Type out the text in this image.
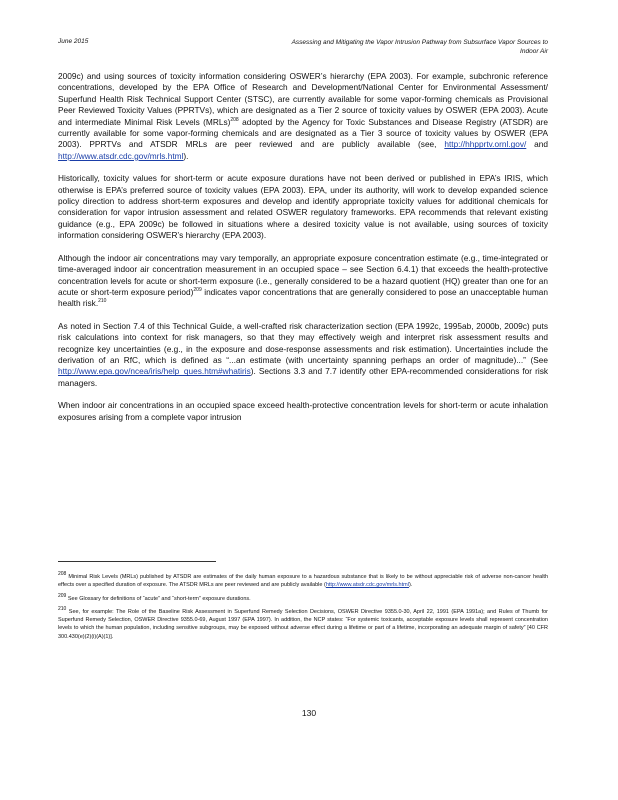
June 2015	Assessing and Mitigating the Vapor Intrusion Pathway from Subsurface Vapor Sources to Indoor Air

2009c) and using sources of toxicity information considering OSWER’s hierarchy (EPA 2003). For example, subchronic reference concentrations, developed by the EPA Office of Research and Development/National Center for Environmental Assessment/ Superfund Health Risk Technical Support Center (STSC), are currently available for some vapor-forming chemicals as Provisional Peer Reviewed Toxicity Values (PPRTVs), which are designated as a Tier 2 source of toxicity values by OSWER (EPA 2003). Acute and intermediate Minimal Risk Levels (MRLs)$^{208}$ adopted by the Agency for Toxic Substances and Disease Registry (ATSDR) are currently available for some vapor-forming chemicals and are designated as a Tier 3 source of toxicity values by OSWER (EPA 2003). PPRTVs and ATSDR MRLs are peer reviewed and are publicly available (see, http://hhpprtv.ornl.gov/ and http://www.atsdr.cdc.gov/mrls.html).

Historically, toxicity values for short-term or acute exposure durations have not been derived or published in EPA’s IRIS, which otherwise is EPA’s preferred source of toxicity values (EPA 2003). EPA, under its authority, will work to develop expanded science policy direction to address short-term exposures and develop and identify appropriate toxicity values for additional chemicals for consideration for vapor intrusion assessment and related OSWER regulatory frameworks. EPA recommends that relevant existing guidance (e.g., EPA 2009c) be followed in situations where a desired toxicity value is not available, using sources of toxicity information considering OSWER’s hierarchy (EPA 2003).

Although the indoor air concentrations may vary temporally, an appropriate exposure concentration estimate (e.g., time-integrated or time-averaged indoor air concentration measurement in an occupied space – see Section 6.4.1) that exceeds the health-protective concentration levels for acute or short-term exposure (i.e., generally considered to be a hazard quotient (HQ) greater than one for an acute or short-term exposure period)$^{209}$ indicates vapor concentrations that are generally considered to pose an unacceptable human health risk.$^{210}$

As noted in Section 7.4 of this Technical Guide, a well-crafted risk characterization section (EPA 1992c, 1995ab, 2000b, 2009c) puts risk calculations into context for risk managers, so that they may effectively weigh and interpret risk assessment results and recognize key uncertainties (e.g., in the exposure and dose-response assessments and risk estimation). Uncertainties include the derivation of an RfC, which is defined as “...an estimate (with uncertainty spanning perhaps an order of magnitude)...” (See http://www.epa.gov/ncea/iris/help_ques.htm#whatiris). Sections 3.3 and 7.7 identify other EPA-recommended considerations for risk managers.

When indoor air concentrations in an occupied space exceed health-protective concentration levels for short-term or acute inhalation exposures arising from a complete vapor intrusion

$^{208}$ Minimal Risk Levels (MRLs) published by ATSDR are estimates of the daily human exposure to a hazardous substance that is likely to be without appreciable risk of adverse non-cancer health effects over a specified duration of exposure. The ATSDR MRLs are peer reviewed and are publicly available (http://www.atsdr.cdc.gov/mrls.html).

$^{209}$ See Glossary for definitions of “acute” and “short-term” exposure durations.

$^{210}$ See, for example: The Role of the Baseline Risk Assessment in Superfund Remedy Selection Decisions, OSWER Directive 9355.0-30, April 22, 1991 (EPA 1991a); and Rules of Thumb for Superfund Remedy Selection, OSWER Directive 9355.0-69, August 1997 (EPA 1997). In addition, the NCP states: “For systemic toxicants, acceptable exposure levels shall represent concentration levels to which the human population, including sensitive subgroups, may be exposed without adverse effect during a lifetime or part of a lifetime, incorporating an adequate margin of safety” [40 CFR 300.430(e)(2)(i)(A)(1)].

130
